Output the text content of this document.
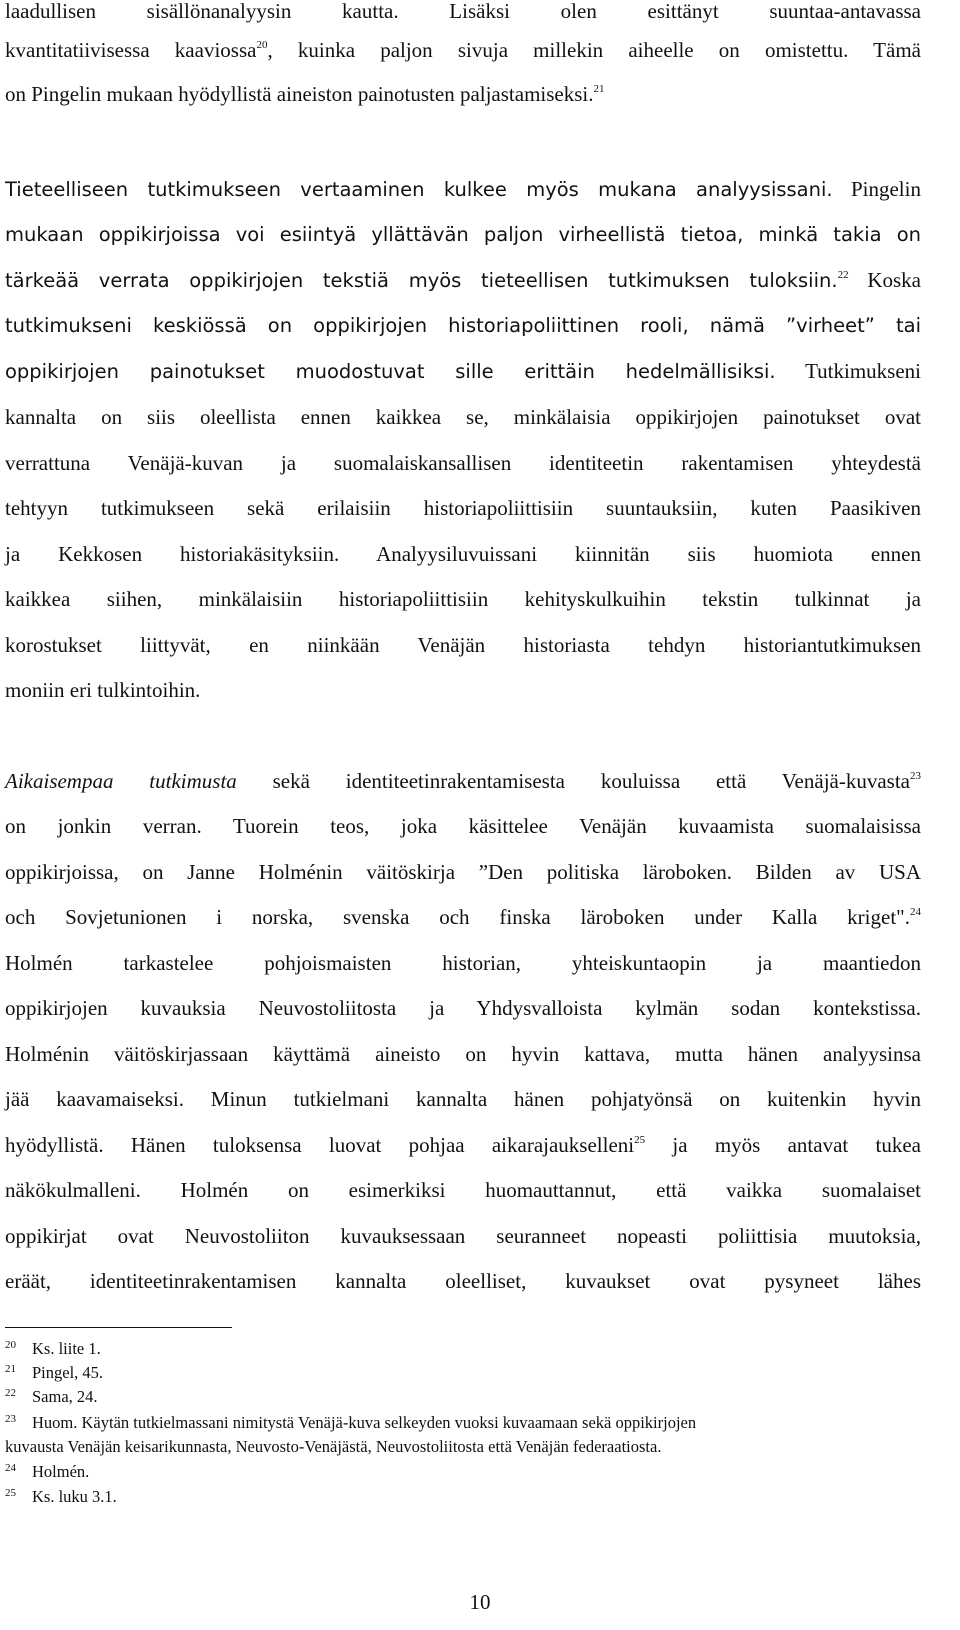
laadullisen sisällönanalyysin kautta. Lisäksi olen esittänyt suuntaa-antavassa
kvantitatiivisessa kaaviossa$^{20}$, kuinka paljon sivuja millekin aiheelle on omistettu. Tämä
on Pingelin mukaan hyödyllistä aineiston painotusten paljastamiseksi.$^{21}$
Tieteelliseen tutkimukseen vertaaminen kulkee myös mukana analyysissani. Pingelin
mukaan oppikirjoissa voi esiintyä yllättävän paljon virheellistä tietoa, minkä takia on
tärkeää verrata oppikirjojen tekstiä myös tieteellisen tutkimuksen tuloksiin.$^{22}$ Koska
tutkimukseni keskiössä on oppikirjojen historiapoliittinen rooli, nämä ”virheet” tai
oppikirjojen painotukset muodostuvat sille erittäin hedelmällisiksi. Tutkimukseni
kannalta on siis oleellista ennen kaikkea se, minkälaisia oppikirjojen painotukset ovat
verrattuna Venäjä-kuvan ja suomalaiskansallisen identiteetin rakentamisen yhteydestä
tehtyyn tutkimukseen sekä erilaisiin historiapoliittisiin suuntauksiin, kuten Paasikiven
ja Kekkosen historiakäsityksiin. Analyysiluvuissani kiinnitän siis huomiota ennen
kaikkea siihen, minkälaisiin historiapoliittisiin kehityskulkuihin tekstin tulkinnat ja
korostukset liittyvät, en niinkään Venäjän historiasta tehdyn historiantutkimuksen
moniin eri tulkintoihin.
Aikaisempaa tutkimusta sekä identiteetinrakentamisesta kouluissa että Venäjä-kuvasta$^{23}$
on jonkin verran. Tuorein teos, joka käsittelee Venäjän kuvaamista suomalaisissa
oppikirjoissa, on Janne Holménin väitöskirja ”Den politiska läroboken. Bilden av USA
och Sovjetunionen i norska, svenska och finska läroboken under Kalla kriget".$^{24}$
Holmén tarkastelee pohjoismaisten historian, yhteiskuntaopin ja maantiedon
oppikirjojen kuvauksia Neuvostoliitosta ja Yhdysvalloista kylmän sodan kontekstissa.
Holménin väitöskirjassaan käyttämä aineisto on hyvin kattava, mutta hänen analyysinsa
jää kaavamaiseksi. Minun tutkielmani kannalta hänen pohjatyönsä on kuitenkin hyvin
hyödyllistä. Hänen tuloksensa luovat pohjaa aikarajaukselleni$^{25}$ ja myös antavat tukea
näkökulmalleni. Holmén on esimerkiksi huomauttannut, että vaikka suomalaiset
oppikirjat ovat Neuvostoliiton kuvauksessaan seuranneet nopeasti poliittisia muutoksia,
eräät, identiteetinrakentamisen kannalta oleelliset, kuvaukset ovat pysyneet lähes
20 Ks. liite 1.
21 Pingel, 45.
22 Sama, 24.
23 Huom. Käytän tutkielmassani nimitystä Venäjä-kuva selkeyden vuoksi kuvaamaan sekä oppikirjojen
kuvausta Venäjän keisarikunnasta, Neuvosto-Venäjästä, Neuvostoliitosta että Venäjän federaatiosta.
24 Holmén.
25 Ks. luku 3.1.
10
